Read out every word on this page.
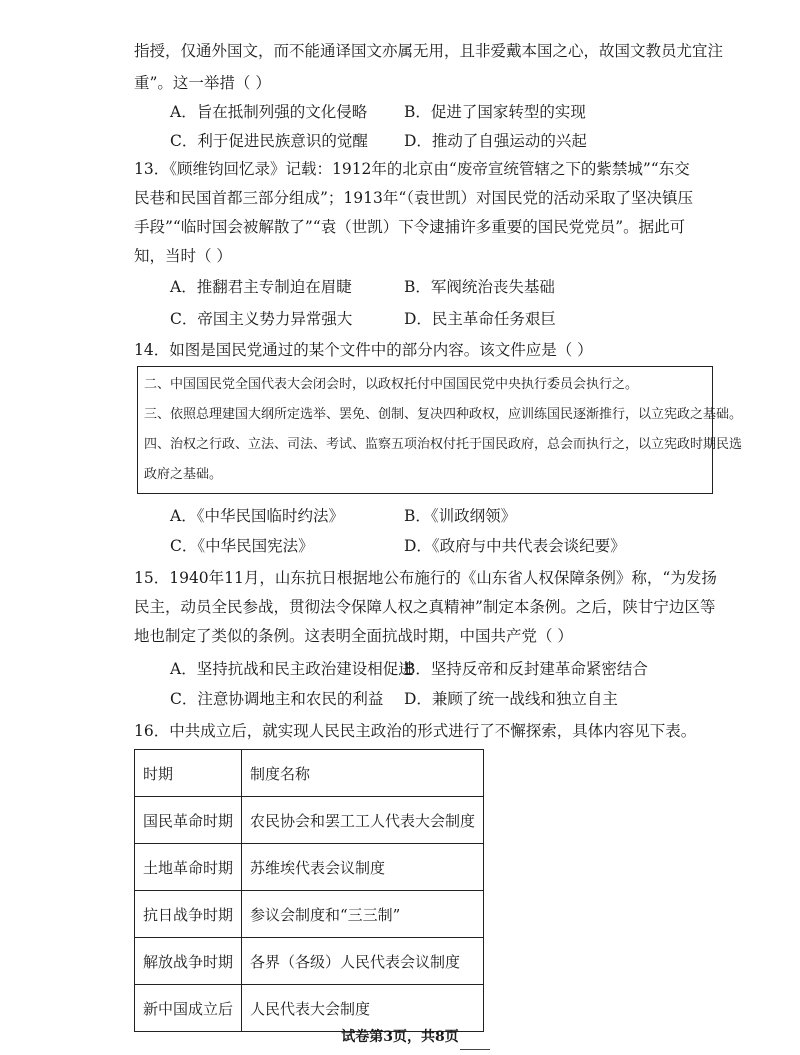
指授，仅通外国文，而不能通译国文亦属无用，且非爱戴本国之心，故国文教员尤宜注
重”。这一举措（ ）
A．旨在抵制列强的文化侵略 B．促进了国家转型的实现
C．利于促进民族意识的觉醒 D．推动了自强运动的兴起
13．《顾维钧回忆录》记载：1912年的北京由“废帝宣统管辖之下的紫禁城”“东交
民巷和民国首都三部分组成”；1913年“（袁世凯）对国民党的活动采取了坚决镇压
手段”“临时国会被解散了”“袁（世凯）下令逮捕许多重要的国民党党员”。据此可
知，当时（ ）
A．推翻君主专制迫在眉睫	B．军阀统治丧失基础
C．帝国主义势力异常强大	D．民主革命任务艰巨
14．如图是国民党通过的某个文件中的部分内容。该文件应是（ ）
二、中国国民党全国代表大会闭会时，以政权托付中国国民党中央执行委员会执行之。
三、依照总理建国大纲所定选举、罢免、创制、复决四种政权，应训练国民逐渐推行，以立宪政之基础。
四、治权之行政、立法、司法、考试、监察五项治权付托于国民政府，总会而执行之，以立宪政时期民选
政府之基础。
A．《中华民国临时约法》	B．《训政纲领》
C．《中华民国宪法》	D．《政府与中共代表会谈纪要》
15．1940年11月，山东抗日根据地公布施行的《山东省人权保障条例》称，“为发扬
民主，动员全民参战，贯彻法令保障人权之真精神”制定本条例。之后，陕甘宁边区等
地也制定了类似的条例。这表明全面抗战时期，中国共产党（ ）
A．坚持抗战和民主政治建设相促进
B．坚持反帝和反封建革命紧密结合
C．注意协调地主和农民的利益 D．兼顾了统一战线和独立自主
16．中共成立后，就实现人民民主政治的形式进行了不懈探索，具体内容见下表。
时期	制度名称
国民革命时期	农民协会和罢工工人代表大会制度
土地革命时期	苏维埃代表会议制度
抗日战争时期	参议会制度和“三三制”
解放战争时期	各界（各级）人民代表会议制度
新中国成立后	人民代表大会制度
试卷第3页，共8页
